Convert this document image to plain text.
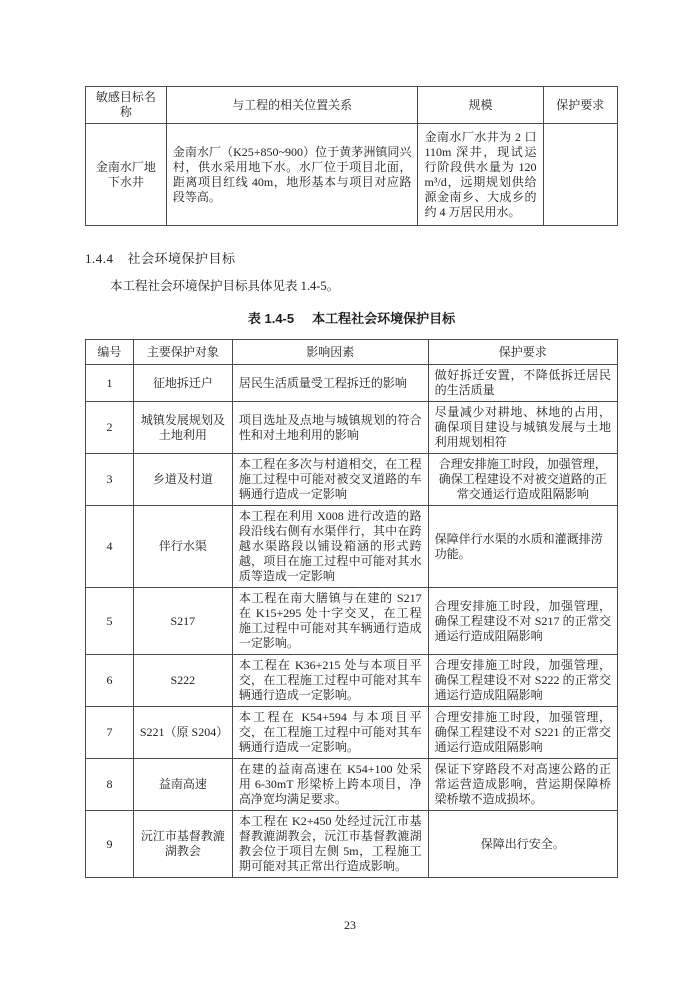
敏感目标名称	与工程的相关位置关系	规模	保护要求
金南水厂地下水井	金南水厂（K25+850~900）位于黄茅洲镇同兴村，供水采用地下水。水厂位于项目北面，距离项目红线 40m，地形基本与项目对应路段等高。	金南水厂水井为 2 口 110m 深井，现试运行阶段供水量为 120m³/d，远期规划供给源金南乡、大成乡的约 4 万居民用水。	
1.4.4 社会环境保护目标

本工程社会环境保护目标具体见表 1.4-5。

表 1.4-5 本工程社会环境保护目标
编号	主要保护对象	影响因素	保护要求
1	征地拆迁户	居民生活质量受工程拆迁的影响	做好拆迁安置，不降低拆迁居民的生活质量
2	城镇发展规划及土地利用	项目选址及点地与城镇规划的符合性和对土地利用的影响	尽量减少对耕地、林地的占用，确保项目建设与城镇发展与土地利用规划相符
3	乡道及村道	本工程在多次与村道相交，在工程施工过程中可能对被交叉道路的车辆通行造成一定影响	合理安排施工时段，加强管理，确保工程建设不对被交道路的正常交通运行造成阻隔影响
4	伴行水渠	本工程在利用 X008 进行改造的路段沿线右侧有水渠伴行，其中在跨越水渠路段以铺设箱涵的形式跨越，项目在施工过程中可能对其水质等造成一定影响	保障伴行水渠的水质和灌溉排涝功能。
5	S217	本工程在南大膳镇与在建的 S217 在 K15+295 处十字交叉，在工程施工过程中可能对其车辆通行造成一定影响。	合理安排施工时段，加强管理，确保工程建设不对 S217 的正常交通运行造成阻隔影响
6	S222	本工程在 K36+215 处与本项目平交，在工程施工过程中可能对其车辆通行造成一定影响。	合理安排施工时段，加强管理，确保工程建设不对 S222 的正常交通运行造成阻隔影响
7	S221（原 S204）	本工程在 K54+594 与本项目平交，在工程施工过程中可能对其车辆通行造成一定影响。	合理安排施工时段，加强管理，确保工程建设不对 S221 的正常交通运行造成阻隔影响
8	益南高速	在建的益南高速在 K54+100 处采用 6-30mT 形梁桥上跨本项目，净高净宽均满足要求。	保证下穿路段不对高速公路的正常运营造成影响，营运期保障桥梁桥墩不造成损坏。
9	沅江市基督教漉湖教会	本工程在 K2+450 处经过沅江市基督教漉湖教会，沅江市基督教漉湖教会位于项目左侧 5m，工程施工期可能对其正常出行造成影响。	保障出行安全。
23
